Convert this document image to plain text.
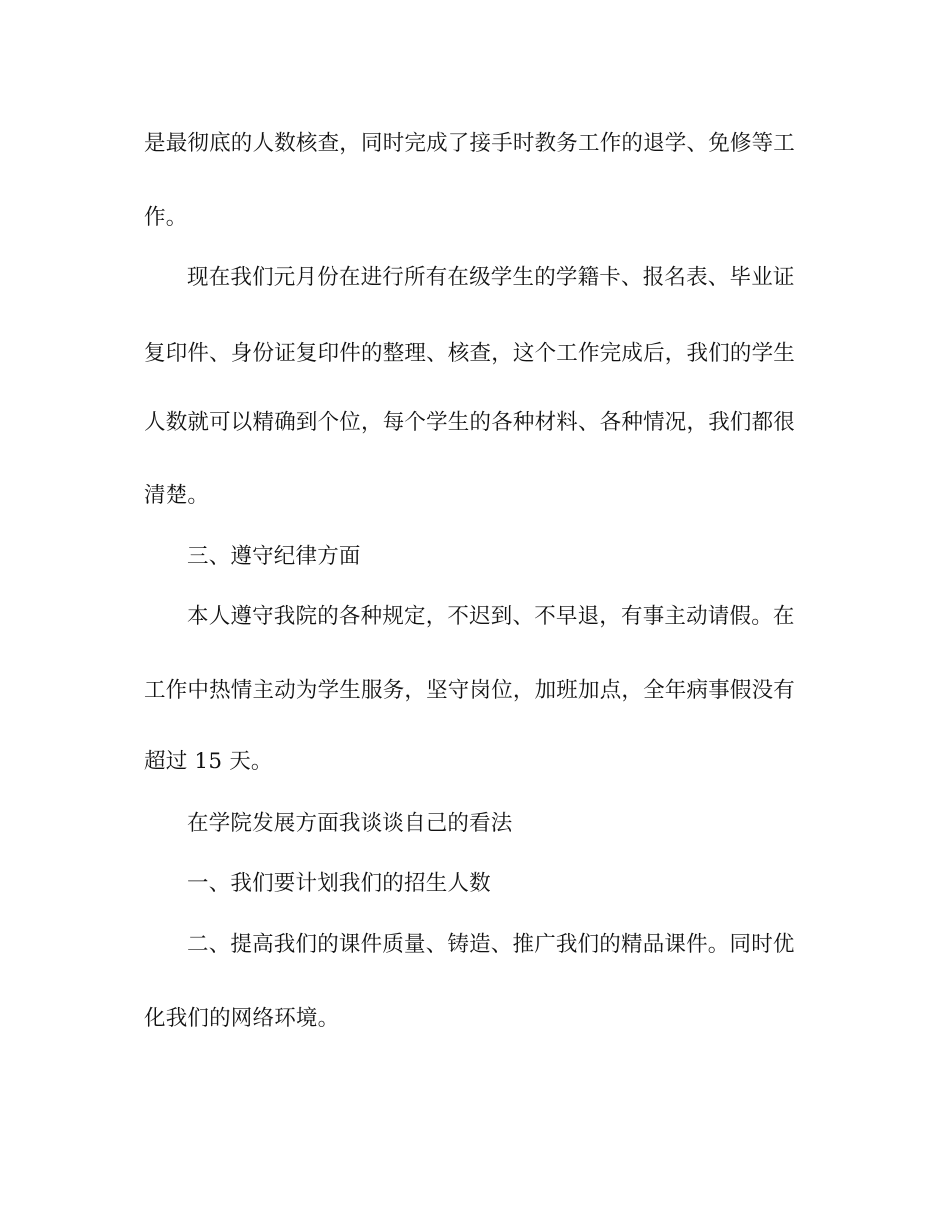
是最彻底的人数核查，同时完成了接手时教务工作的退学、免修等工
作。
现在我们元月份在进行所有在级学生的学籍卡、报名表、毕业证
复印件、身份证复印件的整理、核查，这个工作完成后，我们的学生
人数就可以精确到个位，每个学生的各种材料、各种情况，我们都很
清楚。
三、遵守纪律方面
本人遵守我院的各种规定，不迟到、不早退，有事主动请假。在
工作中热情主动为学生服务，坚守岗位，加班加点，全年病事假没有
超过 15 天。
在学院发展方面我谈谈自己的看法
一、我们要计划我们的招生人数
二、提高我们的课件质量、铸造、推广我们的精品课件。同时优
化我们的网络环境。
